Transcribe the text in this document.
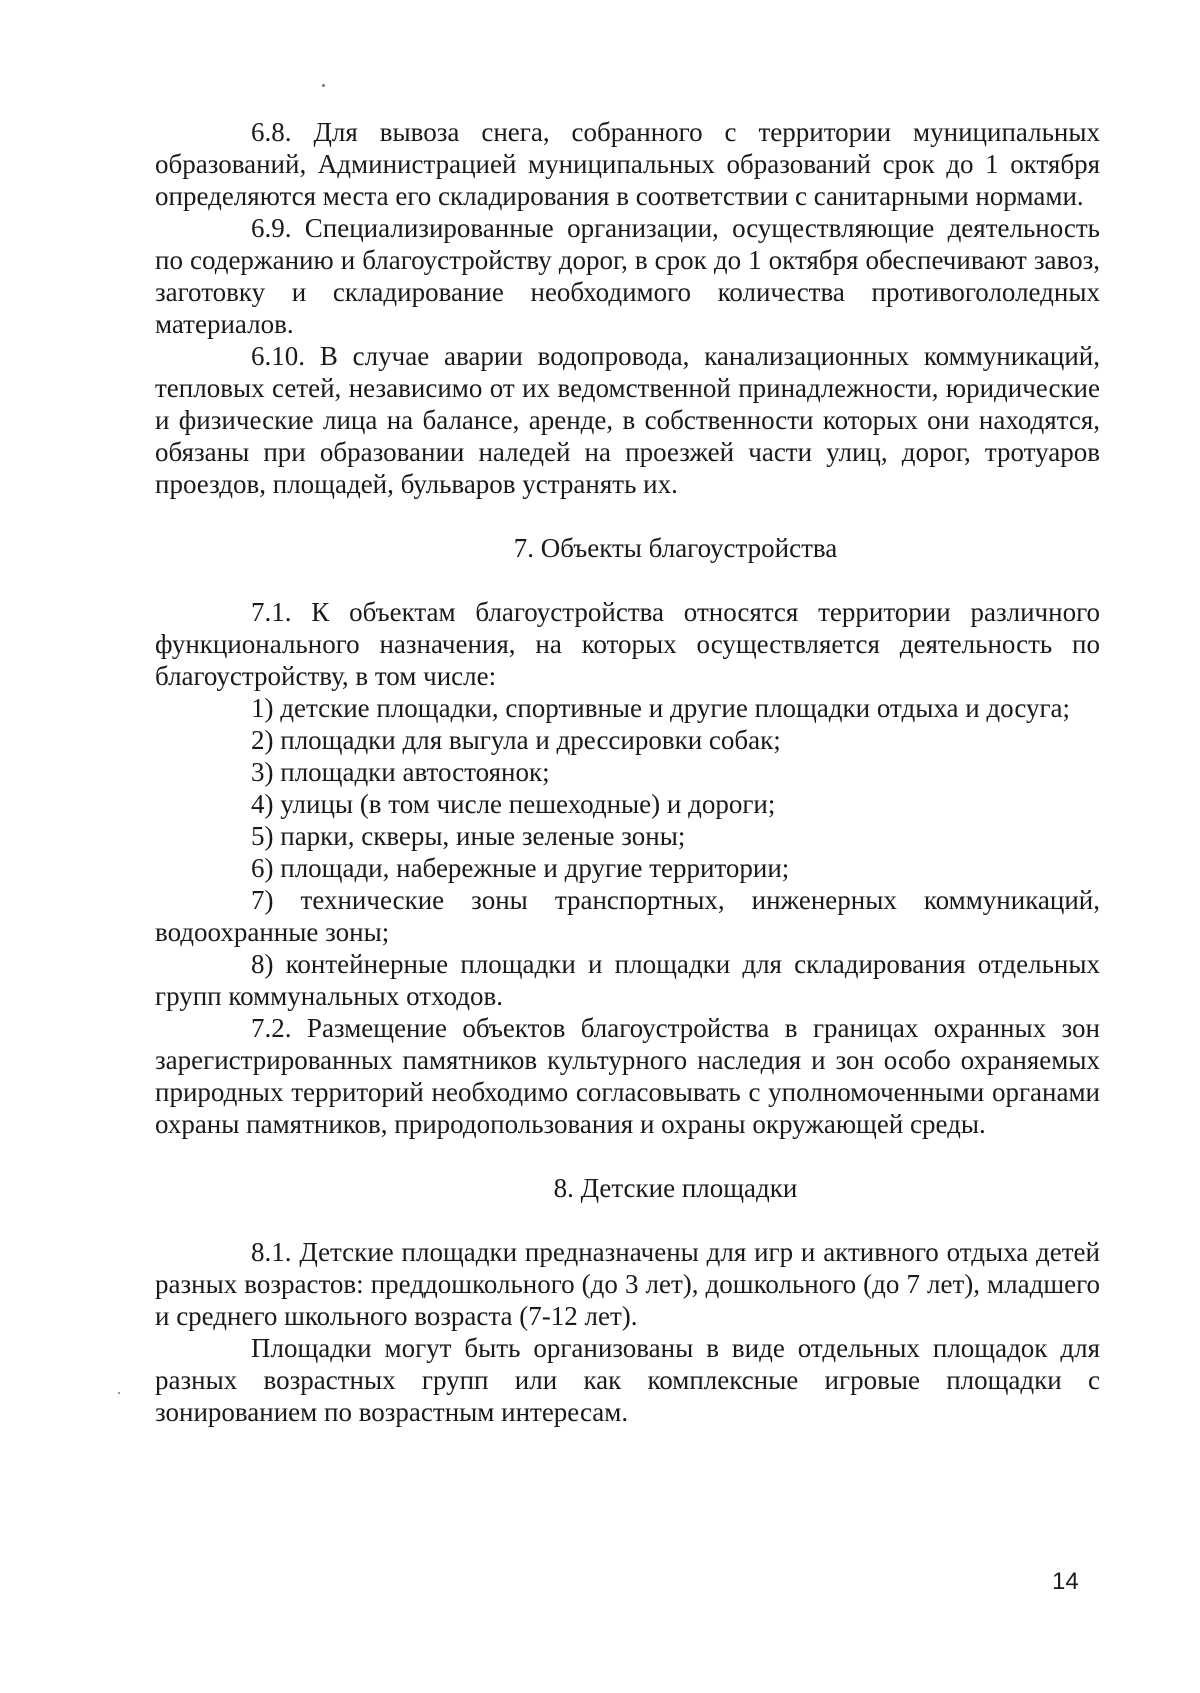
6.8. Для вывоза снега, собранного с территории муниципальных образований, Администрацией муниципальных образований срок до 1 октября определяются места его складирования в соответствии с санитарными нормами.

6.9. Специализированные организации, осуществляющие деятельность по содержанию и благоустройству дорог, в срок до 1 октября обеспечивают завоз, заготовку и складирование необходимого количества противогололедных материалов.

6.10. В случае аварии водопровода, канализационных коммуникаций, тепловых сетей, независимо от их ведомственной принадлежности, юридические и физические лица на балансе, аренде, в собственности которых они находятся, обязаны при образовании наледей на проезжей части улиц, дорог, тротуаров проездов, площадей, бульваров устранять их.

7. Объекты благоустройства

7.1. К объектам благоустройства относятся территории различного функционального назначения, на которых осуществляется деятельность по благоустройству, в том числе:

1) детские площадки, спортивные и другие площадки отдыха и досуга;

2) площадки для выгула и дрессировки собак;

3) площадки автостоянок;

4) улицы (в том числе пешеходные) и дороги;

5) парки, скверы, иные зеленые зоны;

6) площади, набережные и другие территории;

7) технические зоны транспортных, инженерных коммуникаций, водоохранные зоны;

8) контейнерные площадки и площадки для складирования отдельных групп коммунальных отходов.

7.2. Размещение объектов благоустройства в границах охранных зон зарегистрированных памятников культурного наследия и зон особо охраняемых природных территорий необходимо согласовывать с уполномоченными органами охраны памятников, природопользования и охраны окружающей среды.

8. Детские площадки

8.1. Детские площадки предназначены для игр и активного отдыха детей разных возрастов: преддошкольного (до 3 лет), дошкольного (до 7 лет), младшего и среднего школьного возраста (7-12 лет).

Площадки могут быть организованы в виде отдельных площадок для разных возрастных групп или как комплексные игровые площадки с зонированием по возрастным интересам.

14
